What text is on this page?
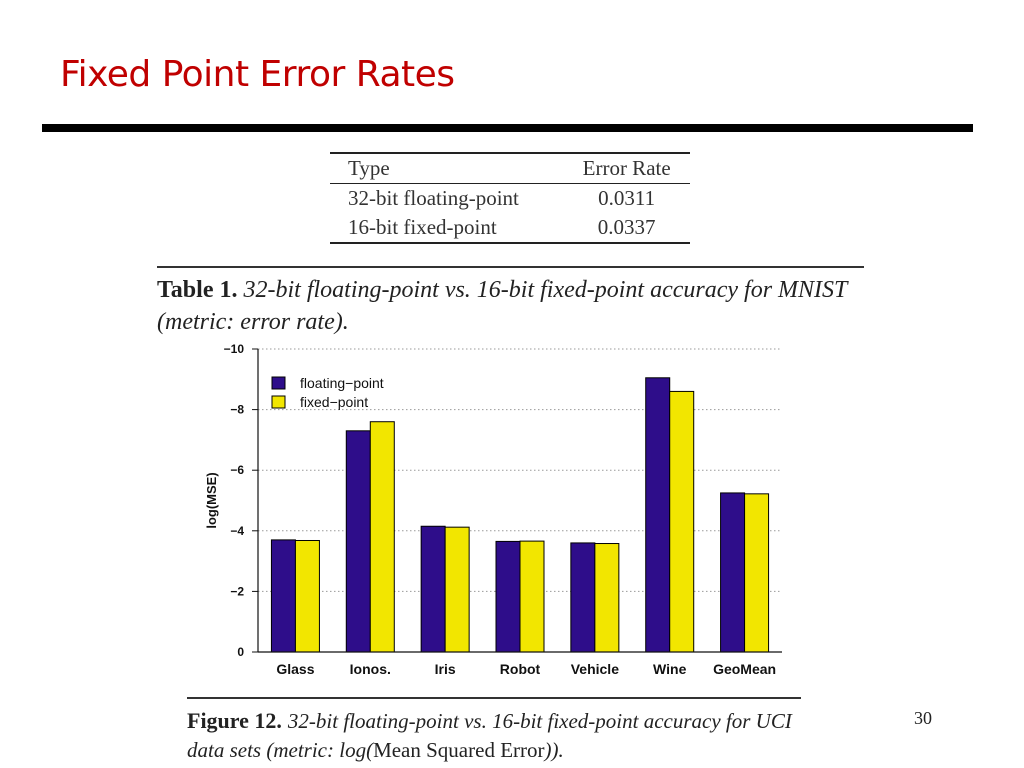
Fixed Point Error Rates
Type	Error Rate
32-bit floating-point	0.0311
16-bit fixed-point	0.0337

Table 1. 32-bit floating-point vs. 16-bit fixed-point accuracy for MNIST (metric: error rate).

0
−2
−4
−6
−8
−10
log(MSE)
Glass	Ionos.	Iris	Robot Vehicle Wine GeoMean
floating−point
fixed−point

Figure 12. 32-bit floating-point vs. 16-bit fixed-point accuracy for UCI data sets (metric: log(Mean Squared Error)).

30
